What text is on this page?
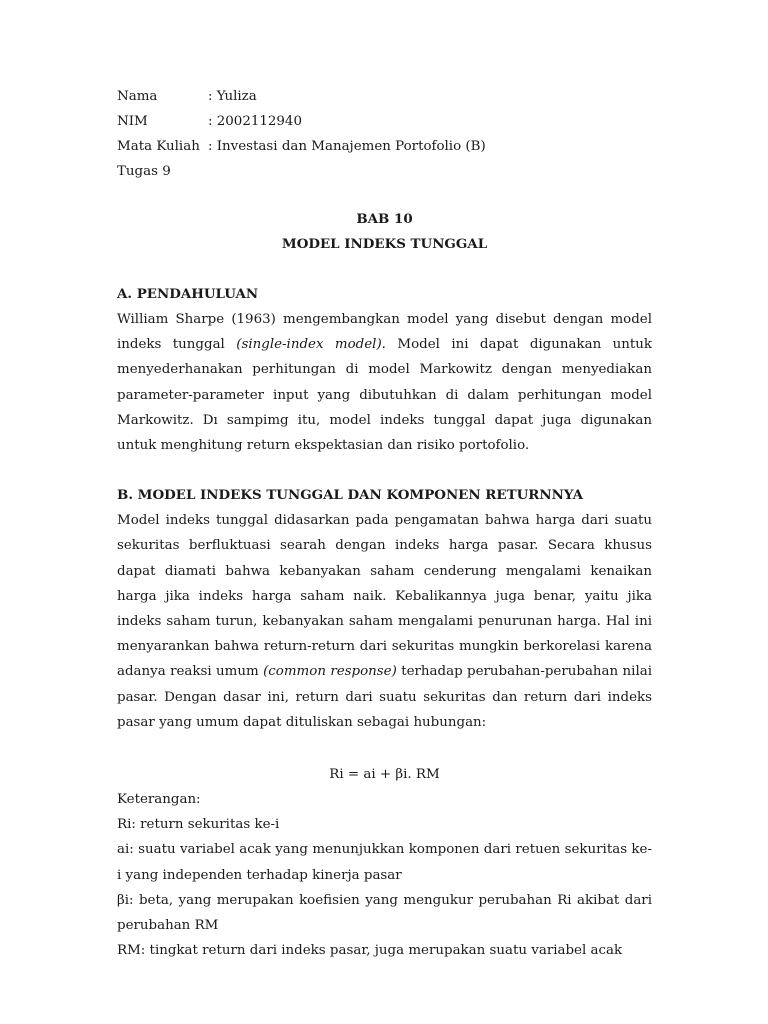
Nama	: Yuliza
NIM	: 2002112940
Mata Kuliah : Investasi dan Manajemen Portofolio (B)
Tugas 9
BAB 10
MODEL INDEKS TUNGGAL
A. PENDAHULUAN

William Sharpe (1963) mengembangkan model yang disebut dengan model indeks tunggal (single-index model). Model ini dapat digunakan untuk menyederhanakan perhitungan di model Markowitz dengan menyediakan parameter-parameter input yang dibutuhkan di dalam perhitungan model Markowitz. Dı sampimg itu, model indeks tunggal dapat juga digunakan untuk menghitung return ekspektasian dan risiko portofolio.

B. MODEL INDEKS TUNGGAL DAN KOMPONEN RETURNNYA

Model indeks tunggal didasarkan pada pengamatan bahwa harga dari suatu sekuritas berfluktuasi searah dengan indeks harga pasar. Secara khusus dapat diamati bahwa kebanyakan saham cenderung mengalami kenaikan harga jika indeks harga saham naik. Kebalikannya juga benar, yaitu jika indeks saham turun, kebanyakan saham mengalami penurunan harga. Hal ini menyarankan bahwa return-return dari sekuritas mungkin berkorelasi karena adanya reaksi umum (common response) terhadap perubahan-perubahan nilai pasar. Dengan dasar ini, return dari suatu sekuritas dan return dari indeks pasar yang umum dapat dituliskan sebagai hubungan:

Ri = ai + βi. RM
Keterangan:
Ri: return sekuritas ke-i
ai: suatu variabel acak yang menunjukkan komponen dari retuen sekuritas ke-i yang independen terhadap kinerja pasar
βi: beta, yang merupakan koefisien yang mengukur perubahan Ri akibat dari perubahan RM
RM: tingkat return dari indeks pasar, juga merupakan suatu variabel acak
